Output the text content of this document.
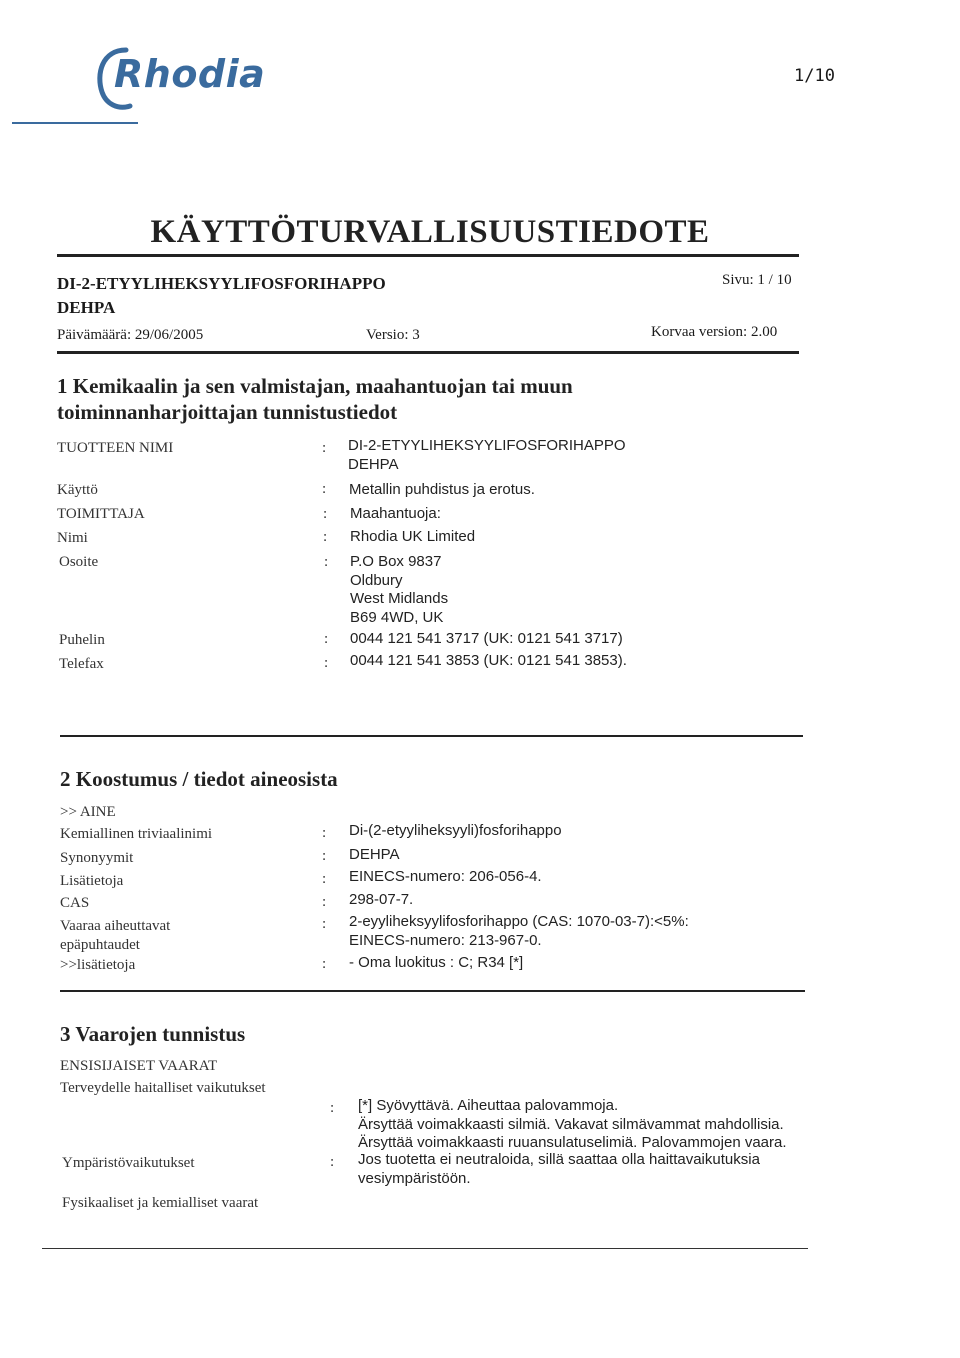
Rhodia	1/10
KÄYTTÖTURVALLISUUSTIEDOTE
DI-2-ETYYLIHEKSYYLIFOSFORIHAPPO
DEHPA
Sivu: 1 / 10
Päivämäärä: 29/06/2005	Versio: 3	Korvaa version: 2.00
1 Kemikaalin ja sen valmistajan, maahantuojan tai muun
toiminnanharjoittajan tunnistustiedot
TUOTTEEN NIMI	: DI-2-ETYYLIHEKSYYLIFOSFORIHAPPO
DEHPA
Käyttö	: Metallin puhdistus ja erotus.
TOIMITTAJA	: Maahantuoja:
Nimi	: Rhodia UK Limited
Osoite	: P.O Box 9837
Oldbury
West Midlands
B69 4WD, UK
Puhelin	: 0044 121 541 3717 (UK: 0121 541 3717)
Telefax	: 0044 121 541 3853 (UK: 0121 541 3853).
2 Koostumus / tiedot aineosista
>> AINE
Kemiallinen triviaalinimi	: Di-(2-etyyliheksyyli)fosforihappo
Synonyymit	: DEHPA
Lisätietoja	: EINECS-numero: 206-056-4.
CAS	: 298-07-7.
Vaaraa aiheuttavat
epäpuhtaudet
: 2-eyyliheksyylifosforihappo (CAS: 1070-03-7):<5%:
EINECS-numero: 213-967-0.
>>lisätietoja	: - Oma luokitus : C; R34 [*]
3 Vaarojen tunnistus
ENSISIJAISET VAARAT
Terveydelle haitalliset vaikutukset
: [*] Syövyttävä. Aiheuttaa palovammoja.
Ärsyttää voimakkaasti silmiä. Vakavat silmävammat mahdollisia.
Ärsyttää voimakkaasti ruuansulatuselimiä. Palovammojen vaara.
Ympäristövaikutukset	: Jos tuotetta ei neutraloida, sillä saattaa olla haittavaikutuksia
vesiympäristöön.
Fysikaaliset ja kemialliset vaarat
